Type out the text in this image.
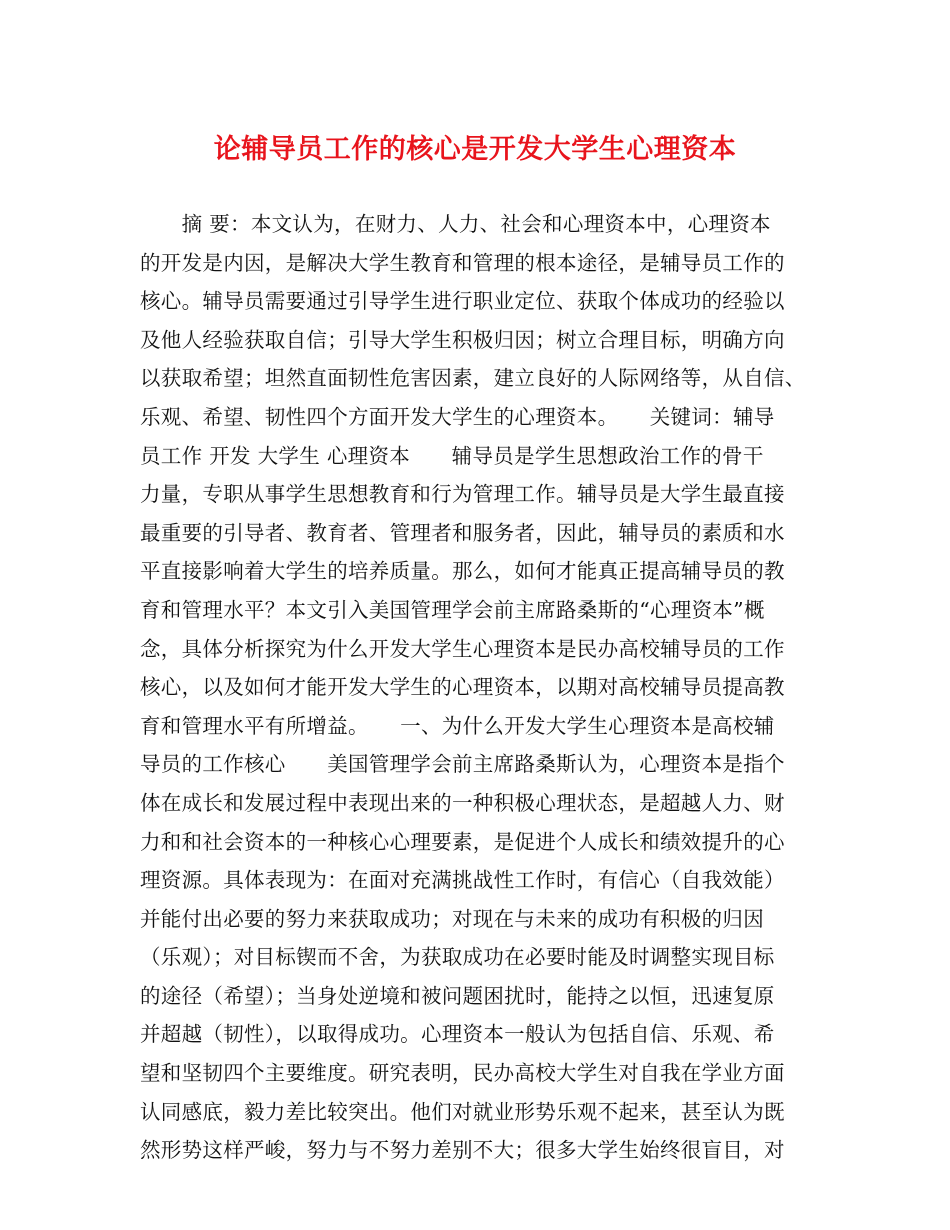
论辅导员工作的核心是开发大学生心理资本
　　摘 要：本文认为，在财力、人力、社会和心理资本中，心理资本
的开发是内因，是解决大学生教育和管理的根本途径，是辅导员工作的
核心。辅导员需要通过引导学生进行职业定位、获取个体成功的经验以
及他人经验获取自信；引导大学生积极归因；树立合理目标，明确方向
以获取希望；坦然直面韧性危害因素，建立良好的人际网络等，从自信、
乐观、希望、韧性四个方面开发大学生的心理资本。　　关键词：辅导
员工作 开发 大学生 心理资本　　辅导员是学生思想政治工作的骨干
力量，专职从事学生思想教育和行为管理工作。辅导员是大学生最直接
最重要的引导者、教育者、管理者和服务者，因此，辅导员的素质和水
平直接影响着大学生的培养质量。那么，如何才能真正提高辅导员的教
育和管理水平？本文引入美国管理学会前主席路桑斯的“心理资本”概
念，具体分析探究为什么开发大学生心理资本是民办高校辅导员的工作
核心，以及如何才能开发大学生的心理资本，以期对高校辅导员提高教
育和管理水平有所增益。　　一、为什么开发大学生心理资本是高校辅
导员的工作核心　　美国管理学会前主席路桑斯认为，心理资本是指个
体在成长和发展过程中表现出来的一种积极心理状态，是超越人力、财
力和和社会资本的一种核心心理要素，是促进个人成长和绩效提升的心
理资源。具体表现为：在面对充满挑战性工作时，有信心（自我效能）
并能付出必要的努力来获取成功；对现在与未来的成功有积极的归因
（乐观）；对目标锲而不舍，为获取成功在必要时能及时调整实现目标
的途径（希望）；当身处逆境和被问题困扰时，能持之以恒，迅速复原
并超越（韧性），以取得成功。心理资本一般认为包括自信、乐观、希
望和坚韧四个主要维度。研究表明，民办高校大学生对自我在学业方面
认同感底，毅力差比较突出。他们对就业形势乐观不起来，甚至认为既
然形势这样严峻，努力与不努力差别不大；很多大学生始终很盲目，对
